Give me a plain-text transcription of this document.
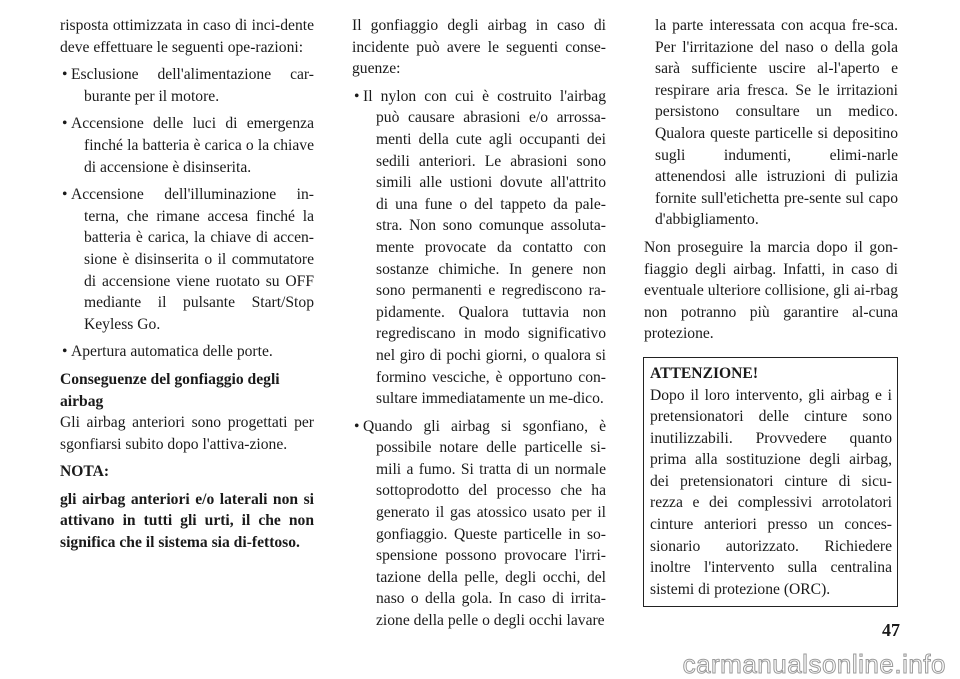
risposta ottimizzata in caso di inci-dente deve effettuare le seguenti ope-razioni:

• Esclusione dell'alimentazione car-burante per il motore.
• Accensione delle luci di emergenza finché la batteria è carica o la chiave di accensione è disinserita.
• Accensione dell'illuminazione in-terna, che rimane accesa finché la batteria è carica, la chiave di accen-sione è disinserita o il commutatore di accensione viene ruotato su OFF mediante il pulsante Start/Stop Keyless Go.
• Apertura automatica delle porte.
Conseguenze del gonfiaggio degli airbag

Gli airbag anteriori sono progettati per sgonfiarsi subito dopo l'attiva-zione.

NOTA:

gli airbag anteriori e/o laterali non si attivano in tutti gli urti, il che non significa che il sistema sia di-fettoso.

Il gonfiaggio degli airbag in caso di incidente può avere le seguenti conse-guenze:

• Il nylon con cui è costruito l'airbag può causare abrasioni e/o arrossa-menti della cute agli occupanti dei sedili anteriori. Le abrasioni sono simili alle ustioni dovute all'attrito di una fune o del tappeto da pale-stra. Non sono comunque assoluta-mente provocate da contatto con sostanze chimiche. In genere non sono permanenti e regrediscono ra-pidamente. Qualora tuttavia non regrediscano in modo significativo nel giro di pochi giorni, o qualora si formino vesciche, è opportuno con-sultare immediatamente un me-dico.
• Quando gli airbag si sgonfiano, è possibile notare delle particelle si-mili a fumo. Si tratta di un normale sottoprodotto del processo che ha generato il gas atossico usato per il gonfiaggio. Queste particelle in so-spensione possono provocare l'irri-tazione della pelle, degli occhi, del naso o della gola. In caso di irrita-zione della pelle o degli occhi lavare

la parte interessata con acqua fre-sca. Per l'irritazione del naso o della gola sarà sufficiente uscire al-l'aperto e respirare aria fresca. Se le irritazioni persistono consultare un medico. Qualora queste particelle si depositino sugli indumenti, elimi-narle attenendosi alle istruzioni di pulizia fornite sull'etichetta pre-sente sul capo d'abbigliamento.

Non proseguire la marcia dopo il gon-fiaggio degli airbag. Infatti, in caso di eventuale ulteriore collisione, gli ai-rbag non potranno più garantire al-cuna protezione.

ATTENZIONE!
Dopo il loro intervento, gli airbag e i pretensionatori delle cinture sono inutilizzabili. Provvedere quanto prima alla sostituzione degli airbag, dei pretensionatori cinture di sicu-rezza e dei complessivi arrotolatori cinture anteriori presso un conces-sionario autorizzato. Richiedere inoltre l'intervento sulla centralina sistemi di protezione (ORC).
47
carmanualsonline.info
